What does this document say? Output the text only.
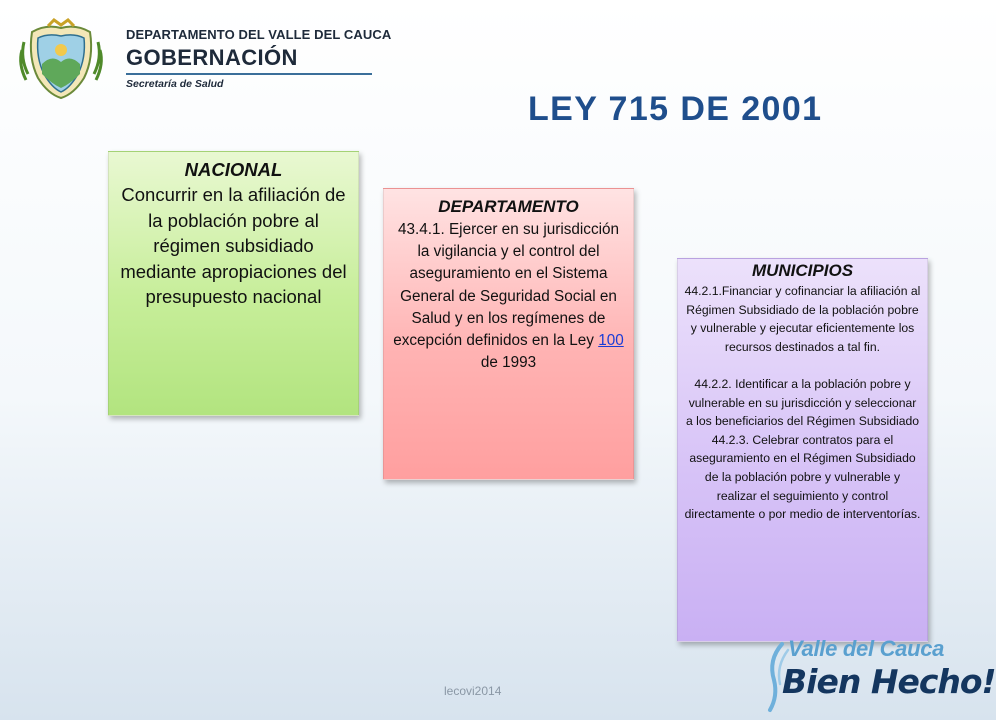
DEPARTAMENTO DEL VALLE DEL CAUCA
GOBERNACIÓN
Secretaría de Salud
LEY 715 DE 2001
NACIONAL
Concurrir en la afiliación de la población pobre al régimen subsidiado mediante apropiaciones del presupuesto nacional
DEPARTAMENTO
43.4.1. Ejercer en su jurisdicción la vigilancia y el control del aseguramiento en el Sistema General de Seguridad Social en Salud y en los regímenes de excepción definidos en la Ley 100 de 1993
MUNICIPIOS
44.2.1.Financiar y cofinanciar la afiliación al Régimen Subsidiado de la población pobre y vulnerable y ejecutar eficientemente los recursos destinados a tal fin.
44.2.2. Identificar a la población pobre y vulnerable en su jurisdicción y seleccionar a los beneficiarios del Régimen Subsidiado
44.2.3. Celebrar contratos para el aseguramiento en el Régimen Subsidiado de la población pobre y vulnerable y realizar el seguimiento y control directamente o por medio de interventorías.
lecovi2014
Valle del Cauca
Bien Hecho!
